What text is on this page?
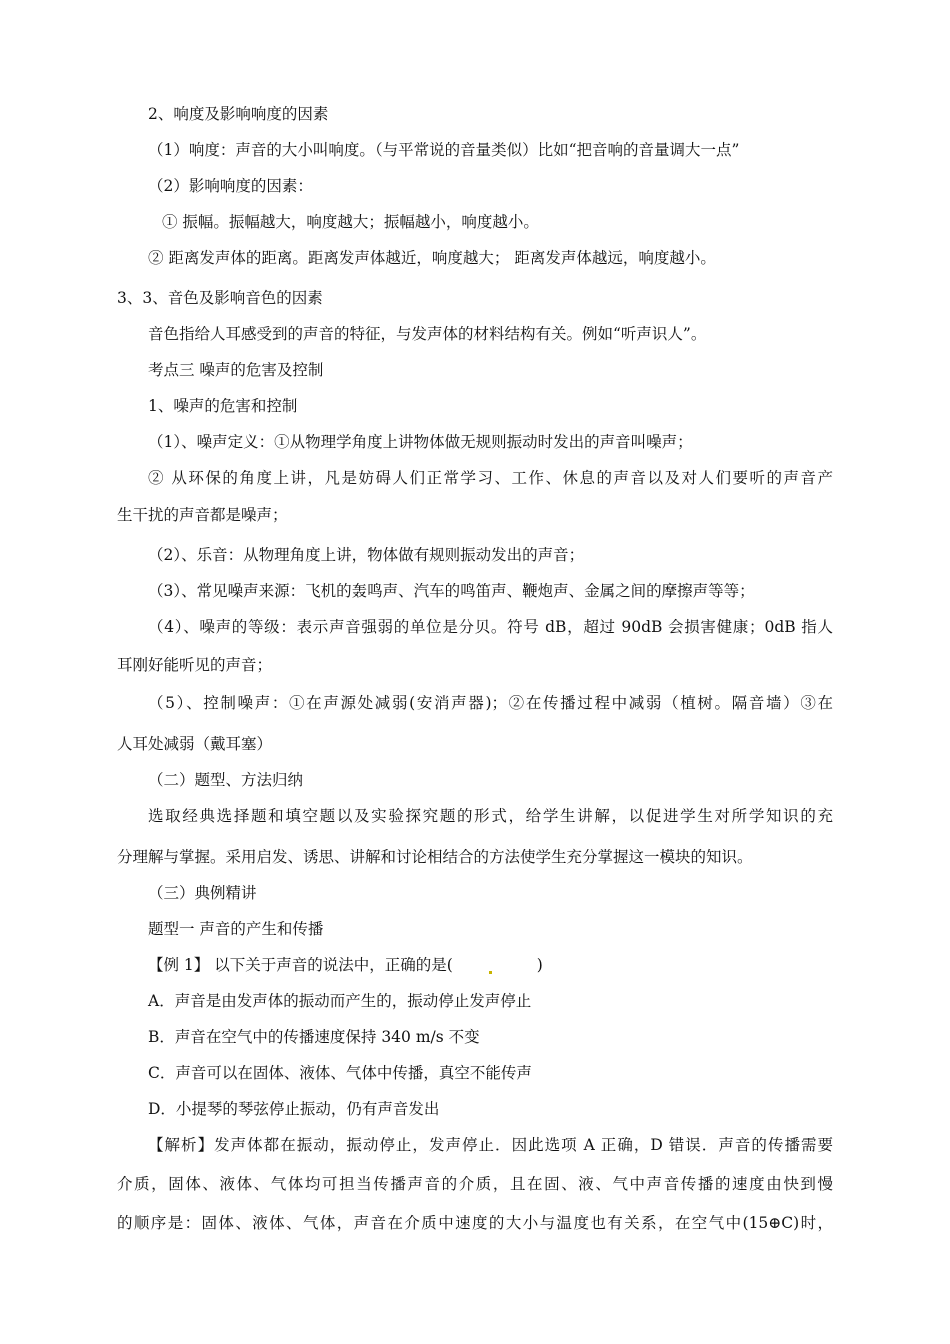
2、响度及影响响度的因素
（1）响度：声音的大小叫响度。（与平常说的音量类似）比如“把音响的音量调大一点”
（2）影响响度的因素：
① 振幅。振幅越大，响度越大；振幅越小，响度越小。
② 距离发声体的距离。距离发声体越近，响度越大； 距离发声体越远，响度越小。
3、3、音色及影响音色的因素
音色指给人耳感受到的声音的特征，与发声体的材料结构有关。例如“听声识人”。
考点三 噪声的危害及控制
1、噪声的危害和控制
（1）、噪声定义：①从物理学角度上讲物体做无规则振动时发出的声音叫噪声；
② 从环保的角度上讲，凡是妨碍人们正常学习、工作、休息的声音以及对人们要听的声音产
生干扰的声音都是噪声；
（2）、乐音：从物理角度上讲，物体做有规则振动发出的声音；
（3）、常见噪声来源：飞机的轰鸣声、汽车的鸣笛声、鞭炮声、金属之间的摩擦声等等；
（4）、噪声的等级：表示声音强弱的单位是分贝。符号 dB，超过 90dB 会损害健康；0dB 指人
耳刚好能听见的声音；
（5）、控制噪声：①在声源处减弱(安消声器)；②在传播过程中减弱（植树。隔音墙）③在
人耳处减弱（戴耳塞）
（二）题型、方法归纳
选取经典选择题和填空题以及实验探究题的形式，给学生讲解，以促进学生对所学知识的充
分理解与掌握。采用启发、诱思、讲解和讨论相结合的方法使学生充分掌握这一模块的知识。
（三）典例精讲
题型一 声音的产生和传播
【例 1】 以下关于声音的说法中，正确的是(	)
A．声音是由发声体的振动而产生的，振动停止发声停止
B．声音在空气中的传播速度保持 340 m/s 不变
C．声音可以在固体、液体、气体中传播，真空不能传声
D．小提琴的琴弦停止振动，仍有声音发出
【解析】发声体都在振动，振动停止，发声停止．因此选项 A 正确，D 错误．声音的传播需要
介质，固体、液体、气体均可担当传播声音的介质，且在固、液、气中声音传播的速度由快到慢
的顺序是：固体、液体、气体，声音在介质中速度的大小与温度也有关系，在空气中(15⊕C)时，
